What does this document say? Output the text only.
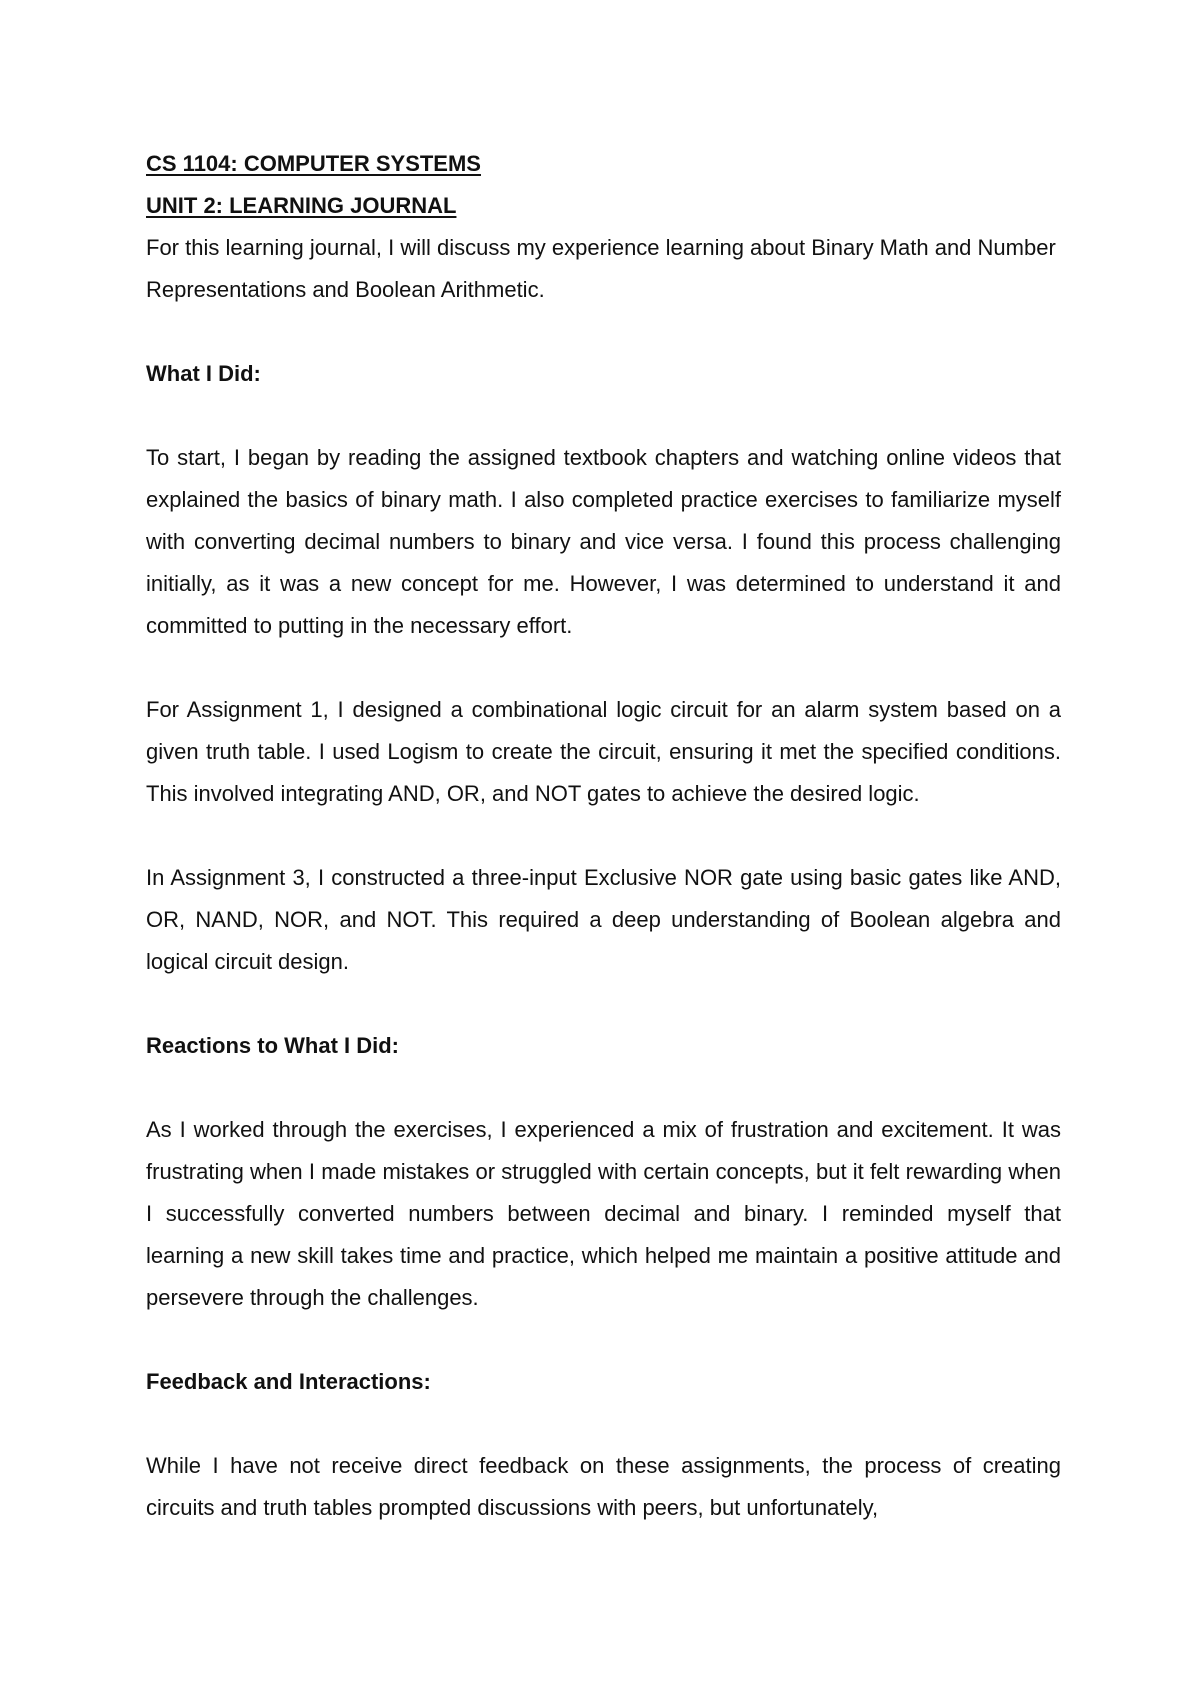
CS 1104: COMPUTER SYSTEMS
UNIT 2: LEARNING JOURNAL

For this learning journal, I will discuss my experience learning about Binary Math and Number Representations and Boolean Arithmetic.

What I Did:

To start, I began by reading the assigned textbook chapters and watching online videos that explained the basics of binary math. I also completed practice exercises to familiarize myself with converting decimal numbers to binary and vice versa. I found this process challenging initially, as it was a new concept for me. However, I was determined to understand it and committed to putting in the necessary effort.

For Assignment 1, I designed a combinational logic circuit for an alarm system based on a given truth table. I used Logism to create the circuit, ensuring it met the specified conditions. This involved integrating AND, OR, and NOT gates to achieve the desired logic.

In Assignment 3, I constructed a three-input Exclusive NOR gate using basic gates like AND, OR, NAND, NOR, and NOT. This required a deep understanding of Boolean algebra and logical circuit design.

Reactions to What I Did:

As I worked through the exercises, I experienced a mix of frustration and excitement. It was frustrating when I made mistakes or struggled with certain concepts, but it felt rewarding when I successfully converted numbers between decimal and binary. I reminded myself that learning a new skill takes time and practice, which helped me maintain a positive attitude and persevere through the challenges.

Feedback and Interactions:

While I have not receive direct feedback on these assignments, the process of creating circuits and truth tables prompted discussions with peers, but unfortunately,
